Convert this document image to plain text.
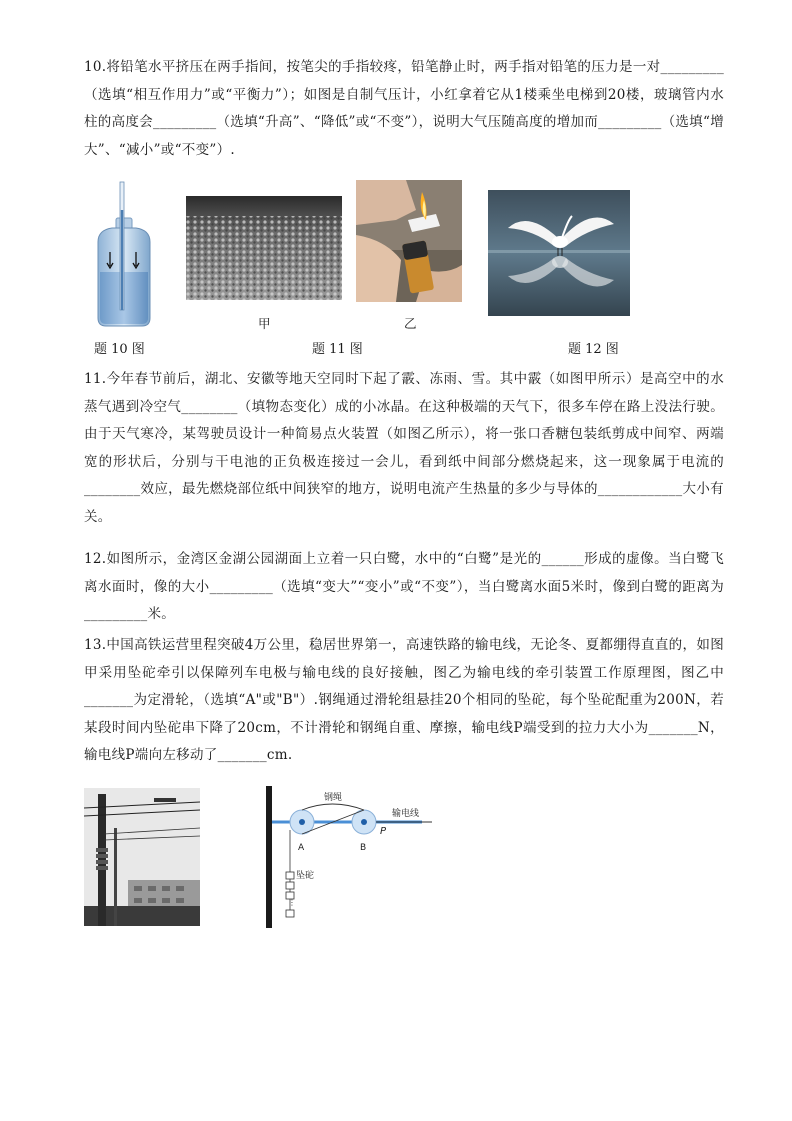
10.将铅笔水平挤压在两手指间，按笔尖的手指较疼，铅笔静止时，两手指对铅笔的压力是一对_________（选填“相互作用力”或“平衡力”）；如图是自制气压计，小红拿着它从1楼乘坐电梯到20楼，玻璃管内水柱的高度会_________（选填“升高”、“降低”或“不变”），说明大气压随高度的增加而_________（选填“增大”、“减小”或“不变”）.
甲	乙
题 10 图	题 11 图	题 12 图
11.今年春节前后，湖北、安徽等地天空同时下起了霰、冻雨、雪。其中霰（如图甲所示）是高空中的水蒸气遇到冷空气________（填物态变化）成的小冰晶。在这种极端的天气下，很多车停在路上没法行驶。由于天气寒冷，某驾驶员设计一种简易点火装置（如图乙所示），将一张口香糖包装纸剪成中间窄、两端宽的形状后，分别与干电池的正负极连接过一会儿，看到纸中间部分燃烧起来，这一现象属于电流的________效应，最先燃烧部位纸中间狭窄的地方，说明电流产生热量的多少与导体的____________大小有关。
12.如图所示，金湾区金湖公园湖面上立着一只白鹭，水中的“白鹭”是光的______形成的虚像。当白鹭飞离水面时，像的大小_________（选填“变大”“变小”或“不变”），当白鹭离水面5米时，像到白鹭的距离为_________米。
13.中国高铁运营里程突破4万公里，稳居世界第一，高速铁路的输电线，无论冬、夏都绷得直直的，如图甲采用坠砣牵引以保障列车电极与输电线的良好接触，图乙为输电线的牵引装置工作原理图，图乙中_______为定滑轮，（选填“A"或"B"）.钢绳通过滑轮组悬挂20个相同的坠砣，每个坠砣配重为200N，若某段时间内坠砣串下降了20cm，不计滑轮和钢绳自重、摩擦，输电线P端受到的拉力大小为_______N，输电线P端向左移动了_______cm.
⋮
钢绳
输电线
A	B
P
坠砣
